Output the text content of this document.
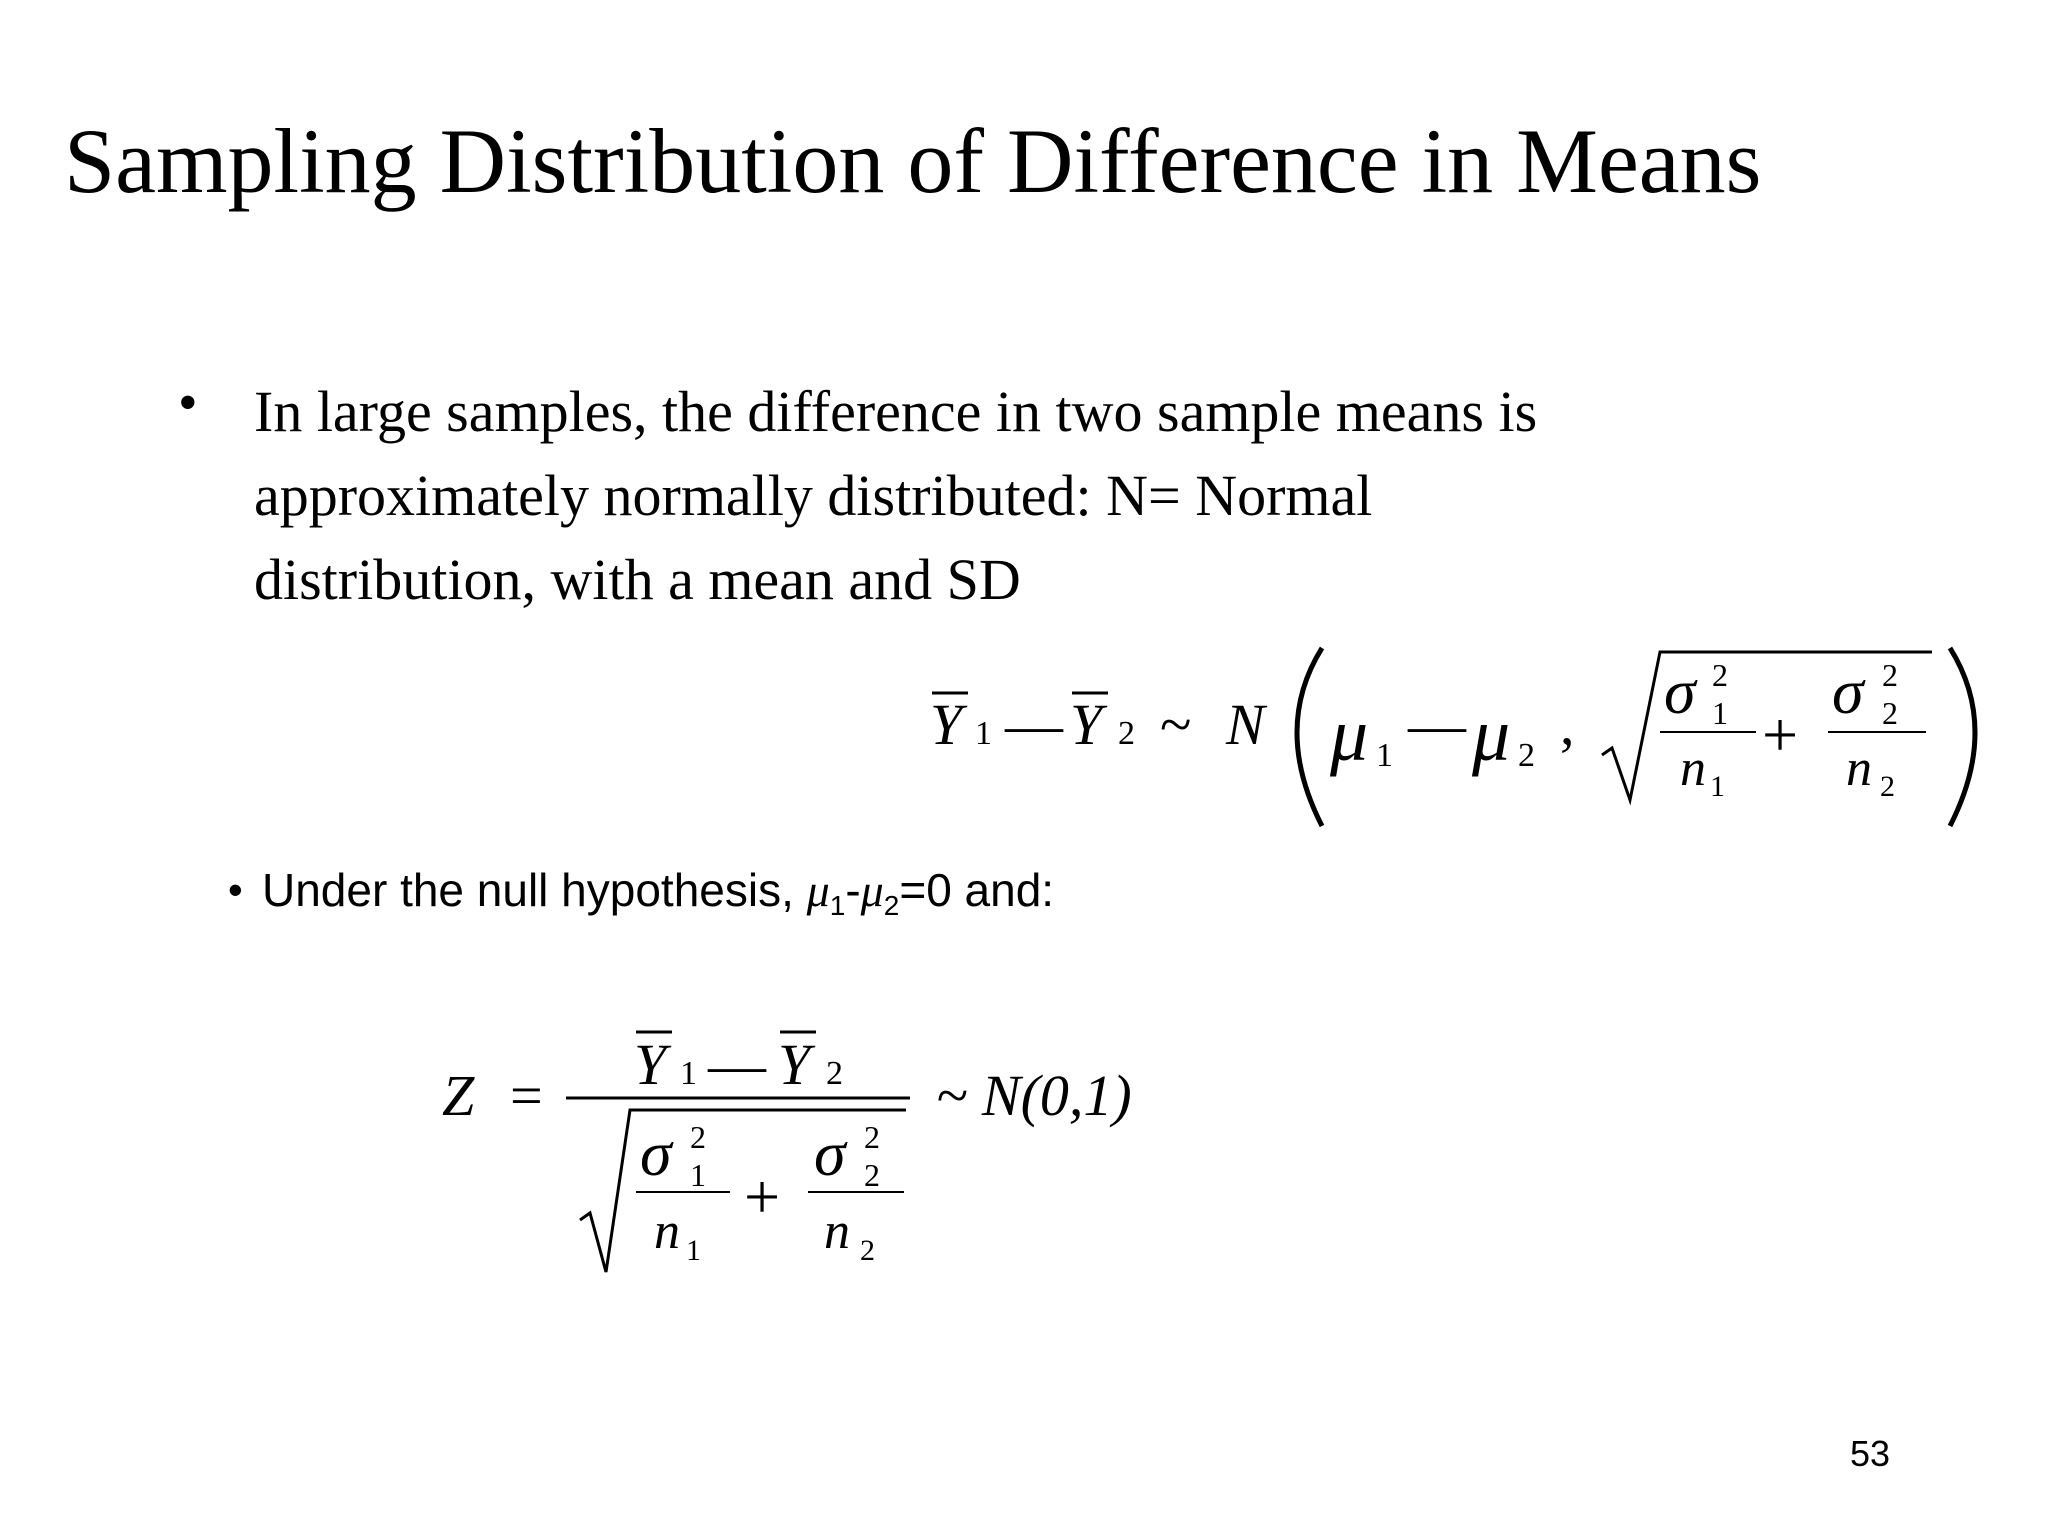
Sampling Distribution of Difference in Means
• In large samples, the difference in two sample means is
approximately normally distributed: N= Normal
distribution, with a mean and SD
Y 1 — Y 2 ~ N μ 1 — μ 2 , σ 2
1
n 1
+
σ 2
2
n 2
• Under the null hypothesis, $\mu_1-\mu_2=0$ and:
Z = Y 1 — Y 2
σ 2
1
n 1
+
σ 2
2
n 2
~ N(0,1)
53
